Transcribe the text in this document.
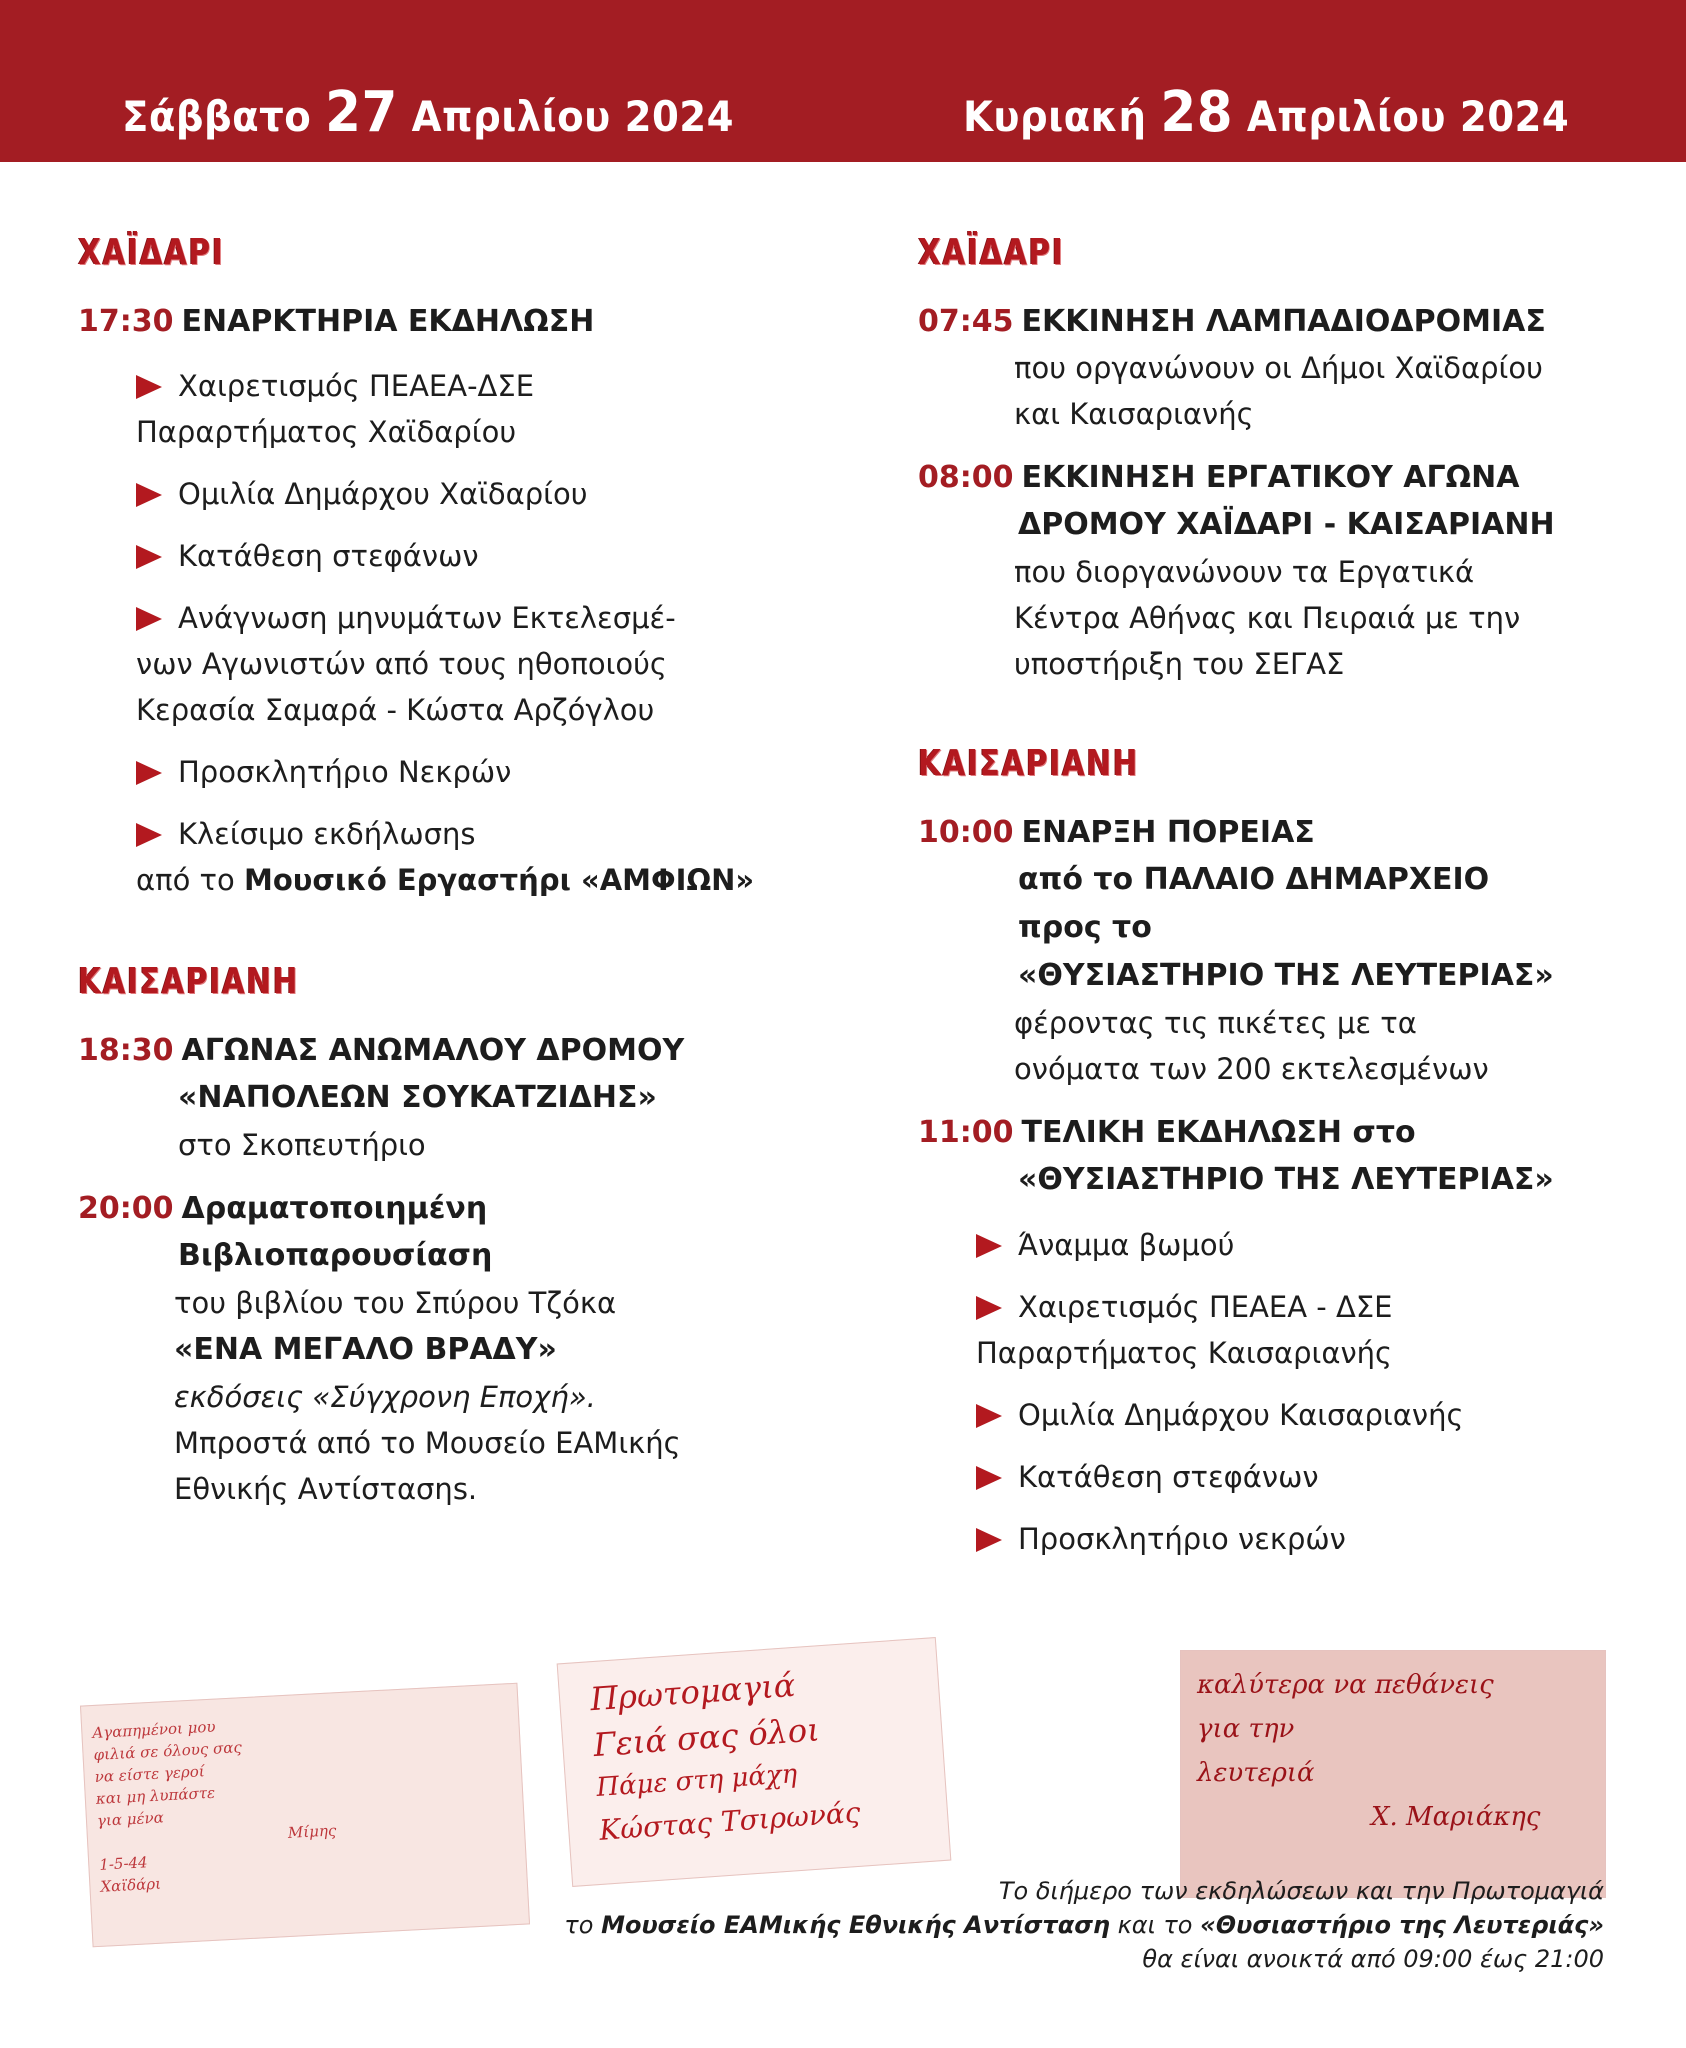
Σάββατο 27 Απριλίου 2024	Κυριακή 28 Απριλίου 2024
ΧΑΪΔΑΡΙ
17:30 ΕΝΑΡΚΤΗΡΙΑ ΕΚΔΗΛΩΣΗ
Χαιρετισμός ΠΕΑΕΑ-ΔΣΕ
Παραρτήματος Χαϊδαρίου
Ομιλία Δημάρχου Χαϊδαρίου
Κατάθεση στεφάνων
Ανάγνωση μηνυμάτων Εκτελεσμέ-
νων Αγωνιστών από τους ηθοποιούς
Κερασία Σαμαρά - Κώστα Αρζόγλου
Προσκλητήριο Νεκρών
Κλείσιμο εκδήλωσηs
από το Μουσικό Εργαστήρι «ΑΜΦΙΩΝ»
ΚΑΙΣΑΡΙΑΝΗ
18:30 ΑΓΩΝΑΣ ΑΝΩΜΑΛΟΥ ΔΡΟΜΟΥ
«ΝΑΠΟΛΕΩΝ ΣΟΥΚΑΤΖΙΔΗΣ»
στο Σκοπευτήριο
20:00 Δραματοποιημένη
Βιβλιοπαρουσίαση
του βιβλίου του Σπύρου Τζόκα
«ΕΝΑ ΜΕΓΑΛΟ ΒΡΑΔΥ»
εκδόσεις «Σύγχρονη Εποχή».
Μπροστά από το Μουσείο ΕΑΜικής
Εθνικής Αντίστασηs.
ΧΑΪΔΑΡΙ
07:45 ΕΚΚΙΝΗΣΗ ΛΑΜΠΑΔΙΟΔΡΟΜΙΑΣ
που οργανώνουν οι Δήμοι Χαϊδαρίου
και Καισαριανής
08:00 ΕΚΚΙΝΗΣΗ ΕΡΓΑΤΙΚΟΥ ΑΓΩΝΑ
ΔΡΟΜΟΥ ΧΑΪΔΑΡΙ - ΚΑΙΣΑΡΙΑΝΗ
που διοργανώνουν τα Εργατικά
Κέντρα Αθήνας και Πειραιά με την
υποστήριξη του ΣΕΓΑΣ
ΚΑΙΣΑΡΙΑΝΗ
10:00 ΕΝΑΡΞΗ ΠΟΡΕΙΑΣ
από το ΠΑΛΑΙΟ ΔΗΜΑΡΧΕΙΟ
προς το
«ΘΥΣΙΑΣΤΗΡΙΟ ΤΗΣ ΛΕΥΤΕΡΙΑΣ»
φέροντας τις πικέτες με τα
ονόματα των 200 εκτελεσμένων
11:00 ΤΕΛΙΚΗ ΕΚΔΗΛΩΣΗ στο
«ΘΥΣΙΑΣΤΗΡΙΟ ΤΗΣ ΛΕΥΤΕΡΙΑΣ»
Άναμμα βωμού
Χαιρετισμός ΠΕΑΕΑ - ΔΣΕ
Παραρτήματος Καισαριανής
Ομιλία Δημάρχου Καισαριανής
Κατάθεση στεφάνων
Προσκλητήριο νεκρών
Αγαπημένοι μου
φιλιά σε όλους σας
να είστε γεροί
και μη λυπάστε
για μένα
Μίμης
1-5-44
Χαϊδάρι
Πρωτομαγιά
Γειά σας όλοι
Πάμε στη μάχη
Κώστας Τσιρωνάς
καλύτερα να πεθάνεις
για την
λευτεριά
Χ. Μαριάκης
Το διήμερο των εκδηλώσεων και την Πρωτομαγιά
το Μουσείο ΕΑΜικής Εθνικής Αντίσταση και το «Θυσιαστήριο της Λευτεριάς»
θα είναι ανοικτά από 09:00 έως 21:00
